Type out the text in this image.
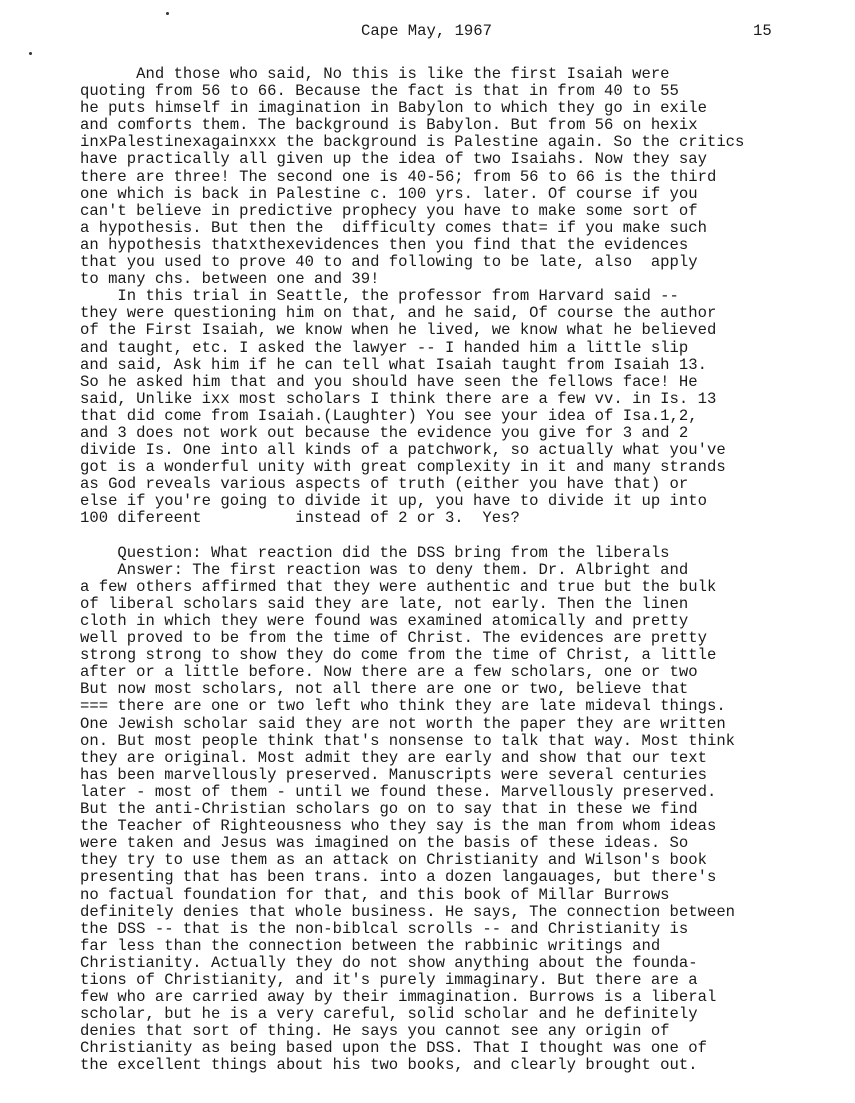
Cape May, 1967	15
And those who said, No this is like the first Isaiah were
quoting from 56 to 66. Because the fact is that in from 40 to 55
he puts himself in imagination in Babylon to which they go in exile
and comforts them. The background is Babylon. But from 56 on hexix
inxPalestinexagainxxx the background is Palestine again. So the critics
have practically all given up the idea of two Isaiahs. Now they say
there are three! The second one is 40-56; from 56 to 66 is the third
one which is back in Palestine c. 100 yrs. later. Of course if you
can't believe in predictive prophecy you have to make some sort of
a hypothesis. But then the  difficulty comes that= if you make such
an hypothesis thatxthexevidences then you find that the evidences
that you used to prove 40 to and following to be late, also  apply
to many chs. between one and 39!
In this trial in Seattle, the professor from Harvard said --
they were questioning him on that, and he said, Of course the author
of the First Isaiah, we know when he lived, we know what he believed
and taught, etc. I asked the lawyer -- I handed him a little slip
and said, Ask him if he can tell what Isaiah taught from Isaiah 13.
So he asked him that and you should have seen the fellows face! He
said, Unlike ixx most scholars I think there are a few vv. in Is. 13
that did come from Isaiah.(Laughter) You see your idea of Isa.1,2,
and 3 does not work out because the evidence you give for 3 and 2
divide Is. One into all kinds of a patchwork, so actually what you've
got is a wonderful unity with great complexity in it and many strands
as God reveals various aspects of truth (either you have that) or
else if you're going to divide it up, you have to divide it up into
100 difereent          instead of 2 or 3.  Yes?
Question: What reaction did the DSS bring from the liberals
Answer: The first reaction was to deny them. Dr. Albright and
a few others affirmed that they were authentic and true but the bulk
of liberal scholars said they are late, not early. Then the linen
cloth in which they were found was examined atomically and pretty
well proved to be from the time of Christ. The evidences are pretty
strong strong to show they do come from the time of Christ, a little
after or a little before. Now there are a few scholars, one or two
But now most scholars, not all there are one or two, believe that
=== there are one or two left who think they are late mideval things.
One Jewish scholar said they are not worth the paper they are written
on. But most people think that's nonsense to talk that way. Most think
they are original. Most admit they are early and show that our text
has been marvellously preserved. Manuscripts were several centuries
later - most of them - until we found these. Marvellously preserved.
But the anti-Christian scholars go on to say that in these we find
the Teacher of Righteousness who they say is the man from whom ideas
were taken and Jesus was imagined on the basis of these ideas. So
they try to use them as an attack on Christianity and Wilson's book
presenting that has been trans. into a dozen langauages, but there's
no factual foundation for that, and this book of Millar Burrows
definitely denies that whole business. He says, The connection between
the DSS -- that is the non-biblcal scrolls -- and Christianity is
far less than the connection between the rabbinic writings and
Christianity. Actually they do not show anything about the founda-
tions of Christianity, and it's purely immaginary. But there are a
few who are carried away by their immagination. Burrows is a liberal
scholar, but he is a very careful, solid scholar and he definitely
denies that sort of thing. He says you cannot see any origin of
Christianity as being based upon the DSS. That I thought was one of
the excellent things about his two books, and clearly brought out.
